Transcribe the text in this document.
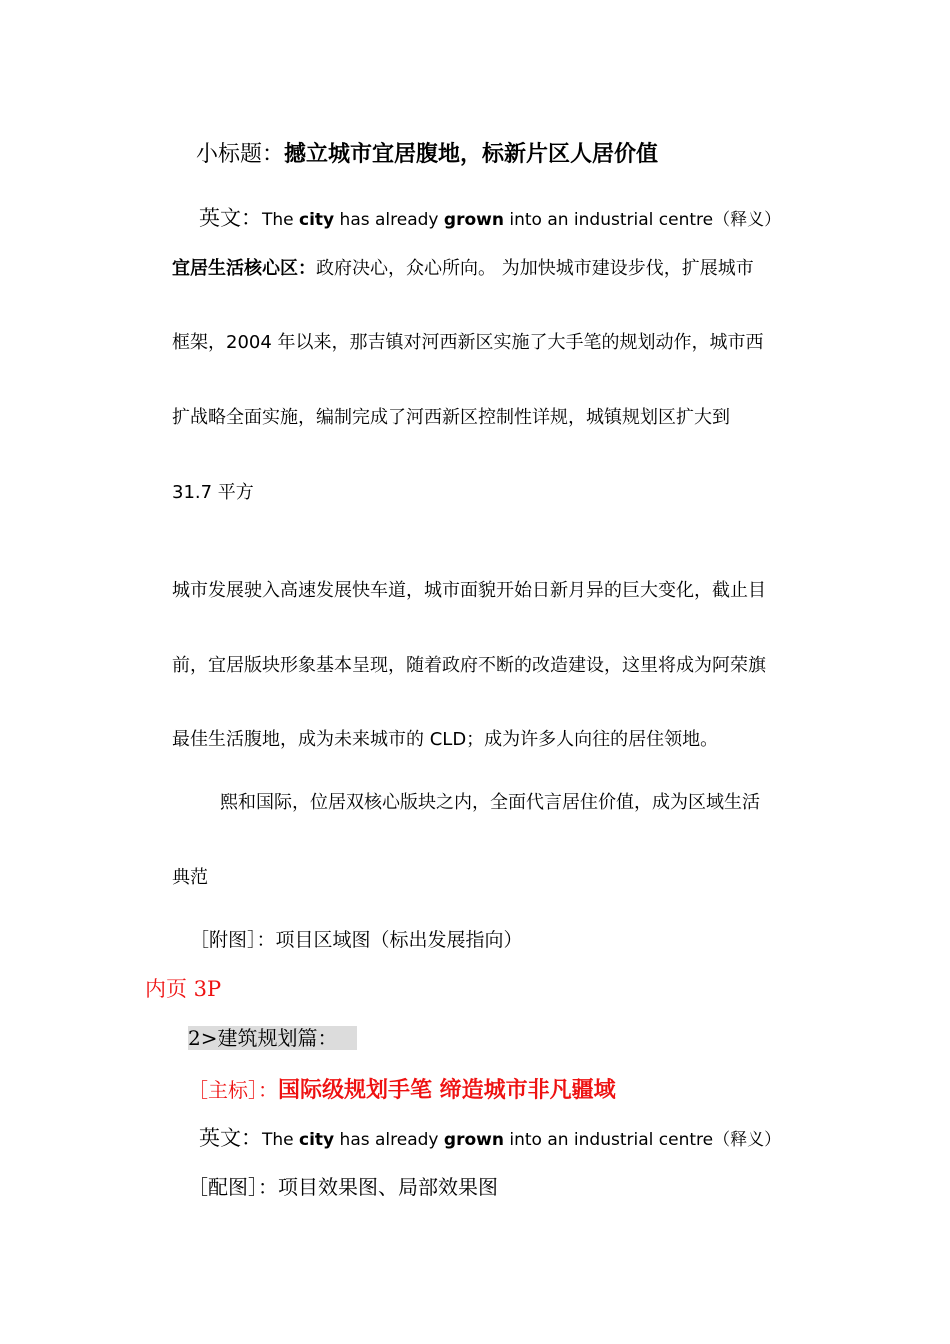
小标题：撼立城市宜居腹地，标新片区人居价值
英文：The city has already grown into an industrial centre（释义）
宜居生活核心区：政府决心，众心所向。 为加快城市建设步伐，扩展城市
框架，2004 年以来，那吉镇对河西新区实施了大手笔的规划动作，城市西
扩战略全面实施，编制完成了河西新区控制性详规，城镇规划区扩大到
31.7 平方
城市发展驶入高速发展快车道，城市面貌开始日新月异的巨大变化，截止目
前，宜居版块形象基本呈现，随着政府不断的改造建设，这里将成为阿荣旗
最佳生活腹地，成为未来城市的 CLD；成为许多人向往的居住领地。
熙和国际，位居双核心版块之内，全面代言居住价值，成为区域生活
典范
［附图］：项目区域图（标出发展指向）
内页 3P
2>建筑规划篇：
［主标］：国际级规划手笔 缔造城市非凡疆域
英文：The city has already grown into an industrial centre（释义）
［配图］：项目效果图、局部效果图
